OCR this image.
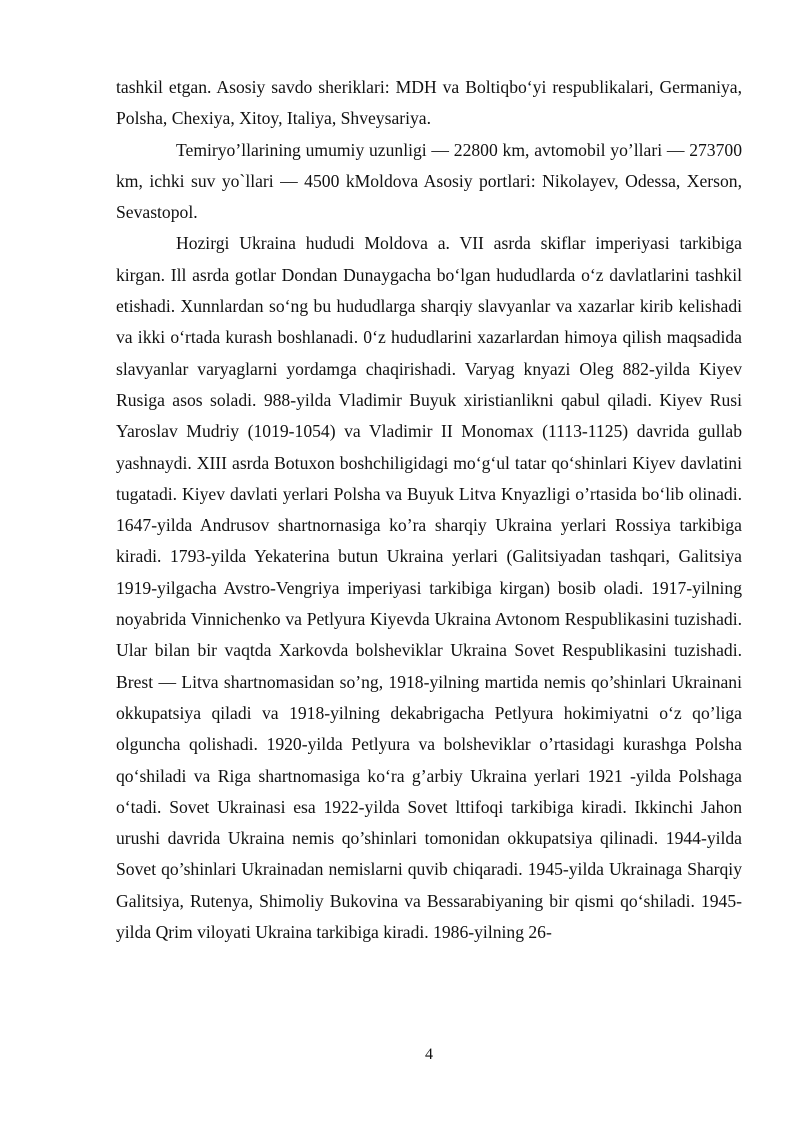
tashkil etgan. Asosiy savdo sheriklari: MDH va Boltiqbo‘yi respublikalari, Germaniya, Polsha, Chexiya, Xitoy, Italiya, Shveysariya.

Temiryo’llarining umumiy uzunligi — 22800 km, avtomobil yo’llari — 273700 km, ichki suv yo`llari — 4500 kMoldova Asosiy portlari: Nikolayev, Odessa, Xerson, Sevastopol.

Hozirgi Ukraina hududi Moldova a. VII asrda skiflar imperiyasi tarkibiga kirgan. Ill asrda gotlar Dondan Dunaygacha bo‘lgan hududlarda o‘z davlatlarini tashkil etishadi. Xunnlardan so‘ng bu hududlarga sharqiy slavyanlar va xazarlar kirib kelishadi va ikki o‘rtada kurash boshlanadi. 0‘z hududlarini xazarlardan himoya qilish maqsadida slavyanlar varyaglarni yordamga chaqirishadi. Varyag knyazi Oleg 882-yilda Kiyev Rusiga asos soladi. 988-yilda Vladimir Buyuk xiristianlikni qabul qiladi. Kiyev Rusi Yaroslav Mudriy (1019-1054) va Vladimir II Monomax (1113-1125) davrida gullab yashnaydi. XIII asrda Botuxon boshchiligidagi mo‘g‘ul tatar qo‘shinlari Kiyev davlatini tugatadi. Kiyev davlati yerlari Polsha va Buyuk Litva Knyazligi o’rtasida bo‘lib olinadi. 1647-yilda Andrusov shartnornasiga ko’ra sharqiy Ukraina yerlari Rossiya tarkibiga kiradi. 1793-yilda Yekaterina butun Ukraina yerlari (Galitsiyadan tashqari, Galitsiya 1919-yilgacha Avstro-Vengriya imperiyasi tarkibiga kirgan) bosib oladi. 1917-yilning noyabrida Vinnichenko va Petlyura Kiyevda Ukraina Avtonom Respublikasini tuzishadi. Ular bilan bir vaqtda Xarkovda bolsheviklar Ukraina Sovet Respublikasini tuzishadi. Brest — Litva shartnomasidan so’ng, 1918-yilning martida nemis qo’shinlari Ukrainani okkupatsiya qiladi va 1918-yilning dekabrigacha Petlyura hokimiyatni o‘z qo’liga olguncha qolishadi. 1920-yilda Petlyura va bolsheviklar o’rtasidagi kurashga Polsha qo‘shiladi va Riga shartnomasiga ko‘ra g’arbiy Ukraina yerlari 1921 -yilda Polshaga o‘tadi. Sovet Ukrainasi esa 1922-yilda Sovet lttifoqi tarkibiga kiradi. Ikkinchi Jahon urushi davrida Ukraina nemis qo’shinlari tomonidan okkupatsiya qilinadi. 1944-yilda Sovet qo’shinlari Ukrainadan nemislarni quvib chiqaradi. 1945-yilda Ukrainaga Sharqiy Galitsiya, Rutenya, Shimoliy Bukovina va Bessarabiyaning bir qismi qo‘shiladi. 1945-yilda Qrim viloyati Ukraina tarkibiga kiradi. 1986-yilning 26-

4
